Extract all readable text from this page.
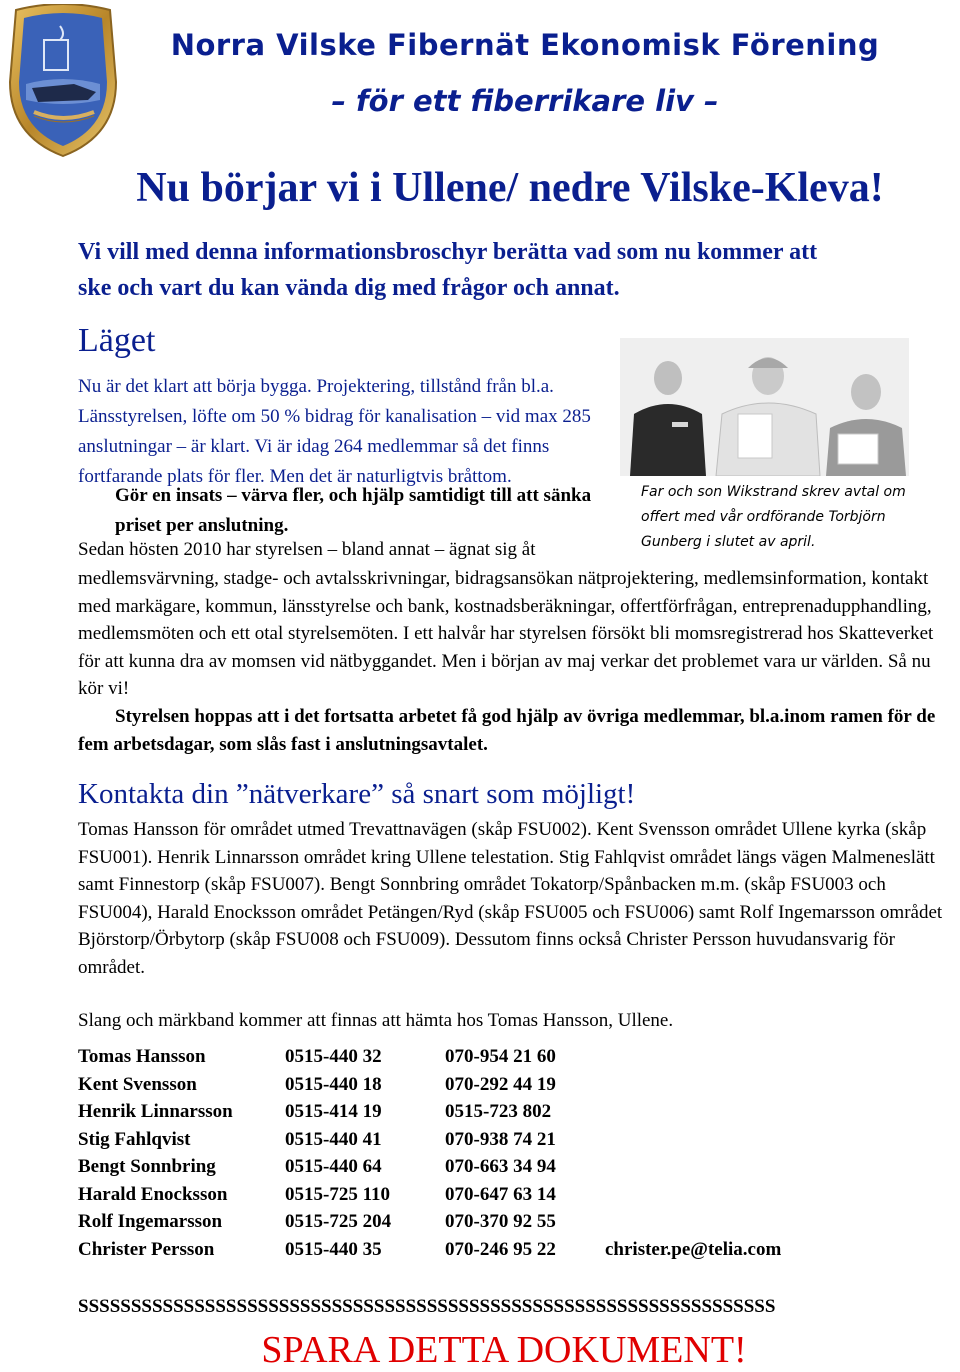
Norra Vilske Fibernät Ekonomisk Förening
– för ett fiberrikare liv –
Nu börjar vi i Ullene/ nedre Vilske-Kleva!
Vi vill med denna informationsbroschyr berätta vad som nu kommer att ske och vart du kan vända dig med frågor och annat.
Läget
Nu är det klart att börja bygga. Projektering, tillstånd från bl.a. Länsstyrelsen, löfte om 50 % bidrag för kanalisation – vid max 285 anslutningar – är klart. Vi är idag 264 medlemmar så det finns fortfarande plats för fler. Men det är naturligtvis bråttom.
Gör en insats – värva fler, och hjälp samtidigt till att sänka priset per anslutning.
Sedan hösten 2010 har styrelsen – bland annat – ägnat sig åt
medlemsvärvning, stadge- och avtalsskrivningar, bidragsansökan nätprojektering, medlemsinformation, kontakt med markägare, kommun, länsstyrelse och bank, kostnadsberäkningar, offertförfrågan, entreprenadupphandling, medlemsmöten och ett otal styrelsemöten. I ett halvår har styrelsen försökt bli momsregistrerad hos Skatteverket för att kunna dra av momsen vid nätbyggandet. Men i början av maj verkar det problemet vara ur världen. Så nu kör vi!
Styrelsen hoppas att i det fortsatta arbetet få god hjälp av övriga medlemmar, bl.a.inom ramen för de fem arbetsdagar, som slås fast i anslutningsavtalet.
Far och son Wikstrand skrev avtal om offert med vår ordförande Torbjörn Gunberg i slutet av april.
Kontakta din ”nätverkare” så snart som möjligt!
Tomas Hansson för området utmed Trevattnavägen (skåp FSU002). Kent Svensson området Ullene kyrka (skåp FSU001). Henrik Linnarsson området kring Ullene telestation. Stig Fahlqvist området längs vägen Malmeneslätt samt Finnestorp (skåp FSU007). Bengt Sonnbring området Tokatorp/Spånbacken m.m. (skåp FSU003 och FSU004), Harald Enocksson området Petängen/Ryd (skåp FSU005 och FSU006) samt Rolf Ingemarsson området Björstorp/Örbytorp (skåp FSU008 och FSU009). Dessutom finns också Christer Persson huvudansvarig för området.
Slang och märkband kommer att finnas att hämta hos Tomas Hansson, Ullene.
Tomas Hansson	0515-440 32	070-954 21 60
Kent Svensson	0515-440 18	070-292 44 19
Henrik Linnarsson	0515-414 19	0515-723 802
Stig Fahlqvist	0515-440 41	070-938 74 21
Bengt Sonnbring	0515-440 64	070-663 34 94
Harald Enocksson	0515-725 110	070-647 63 14
Rolf Ingemarsson	0515-725 204	070-370 92 55
Christer Persson	0515-440 35	070-246 95 22	christer.pe@telia.com
SSSSSSSSSSSSSSSSSSSSSSSSSSSSSSSSSSSSSSSSSSSSSSSSSSSSSSSSSSSSSSSSSS
SPARA DETTA DOKUMENT!
